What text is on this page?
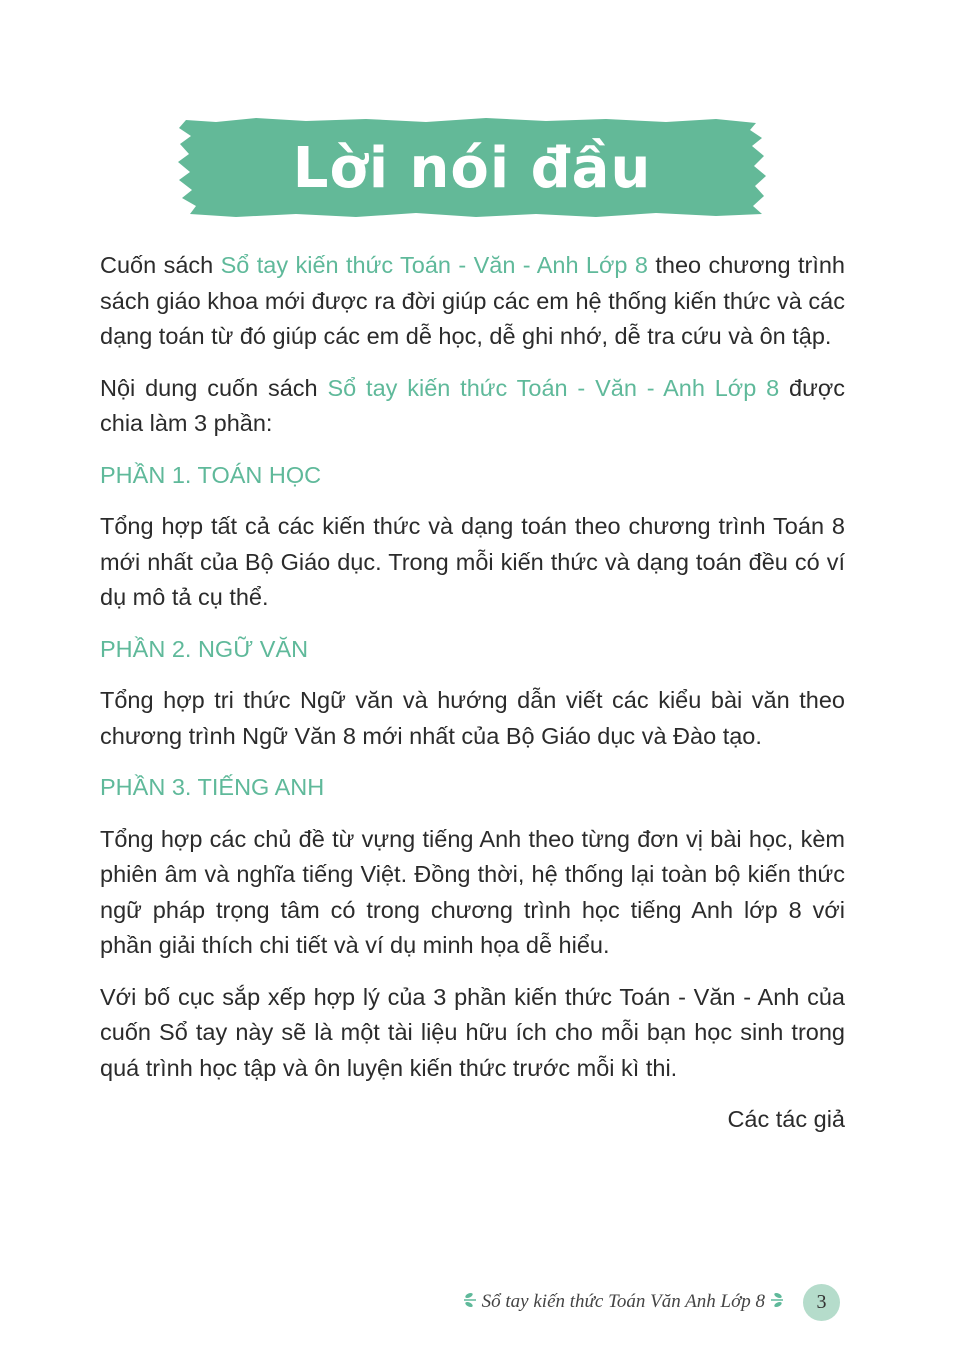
Lời nói đầu

Cuốn sách Sổ tay kiến thức Toán - Văn - Anh Lớp 8 theo chương trình sách giáo khoa mới được ra đời giúp các em hệ thống kiến thức và các dạng toán từ đó giúp các em dễ học, dễ ghi nhớ, dễ tra cứu và ôn tập.

Nội dung cuốn sách Sổ tay kiến thức Toán - Văn - Anh Lớp 8 được chia làm 3 phần:

PHẦN 1. TOÁN HỌC

Tổng hợp tất cả các kiến thức và dạng toán theo chương trình Toán 8 mới nhất của Bộ Giáo dục. Trong mỗi kiến thức và dạng toán đều có ví dụ mô tả cụ thể.

PHẦN 2. NGỮ VĂN

Tổng hợp tri thức Ngữ văn và hướng dẫn viết các kiểu bài văn theo chương trình Ngữ Văn 8 mới nhất của Bộ Giáo dục và Đào tạo.

PHẦN 3. TIẾNG ANH

Tổng hợp các chủ đề từ vựng tiếng Anh theo từng đơn vị bài học, kèm phiên âm và nghĩa tiếng Việt. Đồng thời, hệ thống lại toàn bộ kiến thức ngữ pháp trọng tâm có trong chương trình học tiếng Anh lớp 8 với phần giải thích chi tiết và ví dụ minh họa dễ hiểu.

Với bố cục sắp xếp hợp lý của 3 phần kiến thức Toán - Văn - Anh của cuốn Sổ tay này sẽ là một tài liệu hữu ích cho mỗi bạn học sinh trong quá trình học tập và ôn luyện kiến thức trước mỗi kì thi.

Các tác giả

Sổ tay kiến thức Toán Văn Anh Lớp 8	3
